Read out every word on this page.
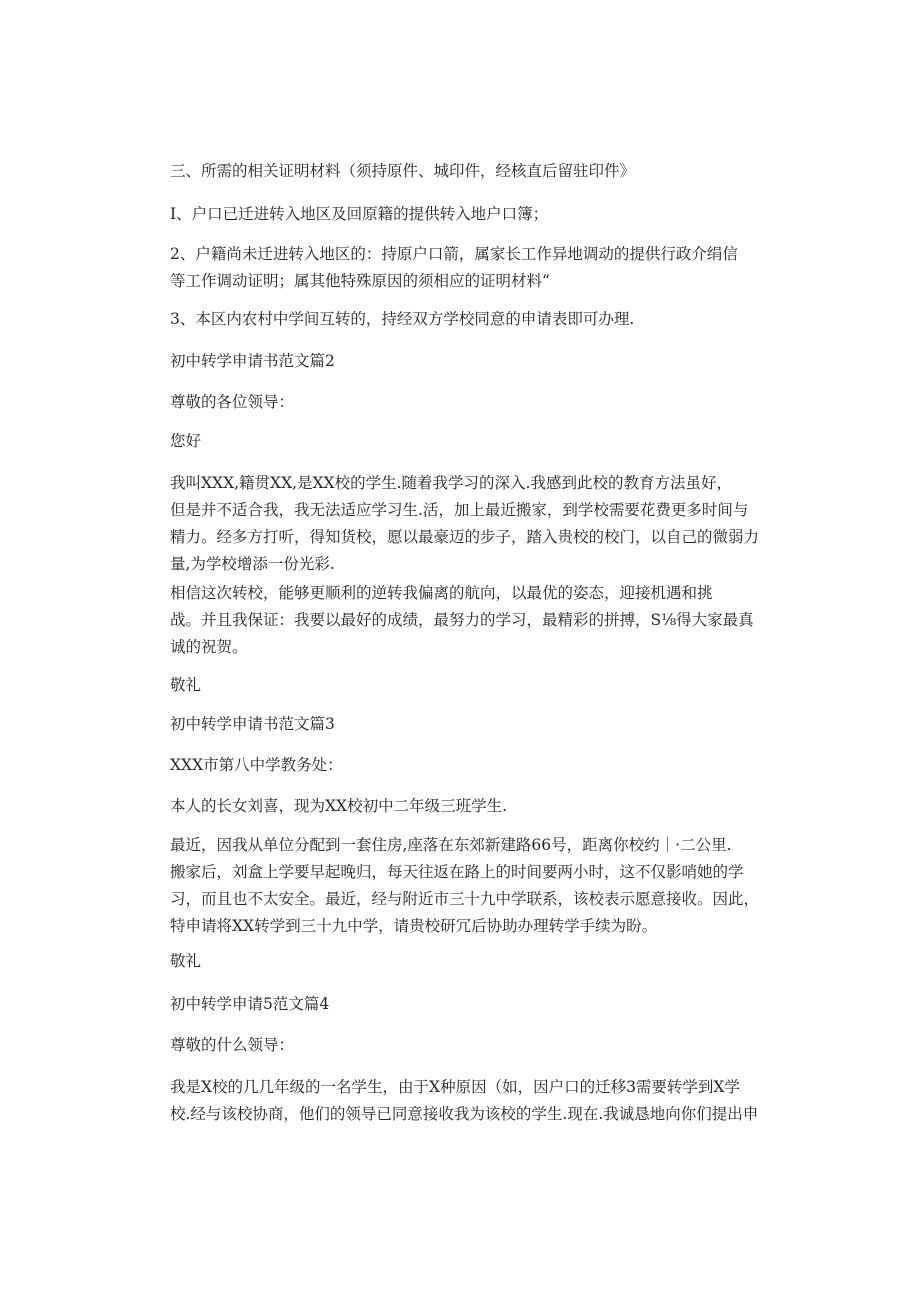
三、所需的相关证明材料（须持原件、城印件，经核直后留驻印件》

I、户口已迁进转入地区及回原籍的提供转入地户口簿；

2、户籍尚未迁进转入地区的：持原户口箭，属家长工作异地调动的提供行政介绢信
等工作调动证明；属其他特殊原因的须相应的证明材料“

3、本区内农村中学间互转的，持经双方学校同意的申请表即可办理.

初中转学申请书范文篇2

尊敬的各位领导：

您好

我叫XXX,籍贯XX,是XX校的学生.随着我学习的深入.我感到此校的教育方法虽好，
但是并不适合我，我无法适应学习生.活，加上最近搬家，到学校需要花费更多时间与
精力。经多方打听，得知货校，愿以最豪迈的步子，踏入贵校的校门，以自己的微弱力
量,为学校增添一份光彩.

相信这次转校，能够更顺利的逆转我偏离的航向，以最优的姿态，迎接机遇和挑
战。并且我保证：我要以最好的成绩，最努力的学习，最精彩的拼搏，S⅛得大家最真
诚的祝贺。

敬礼

初中转学申请书范文篇3

XXX市第八中学教务处：

本人的长女刘喜，现为XX校初中二年级三班学生.

最近，因我从单位分配到一套住房,座落在东郊新建路66号，距离你校约｜·二公里.
搬家后，刘盒上学要早起晚归，每天往返在路上的时间要两小时，这不仅影哨她的学
习，而且也不太安全。最近，经与附近市三十九中学联系，该校表示愿意接收。因此，
特申请将XX转学到三十九中学，请贵校研冗后协助办理转学手续为盼。

敬礼

初中转学申请5范文篇4

尊敬的什么领导：

我是X校的几几年级的一名学生，由于X种原因（如，因户口的迁移3需要转学到X学
校.经与该校协商，他们的领导已同意接收我为该校的学生.现在.我诚恳地向你们提出申
